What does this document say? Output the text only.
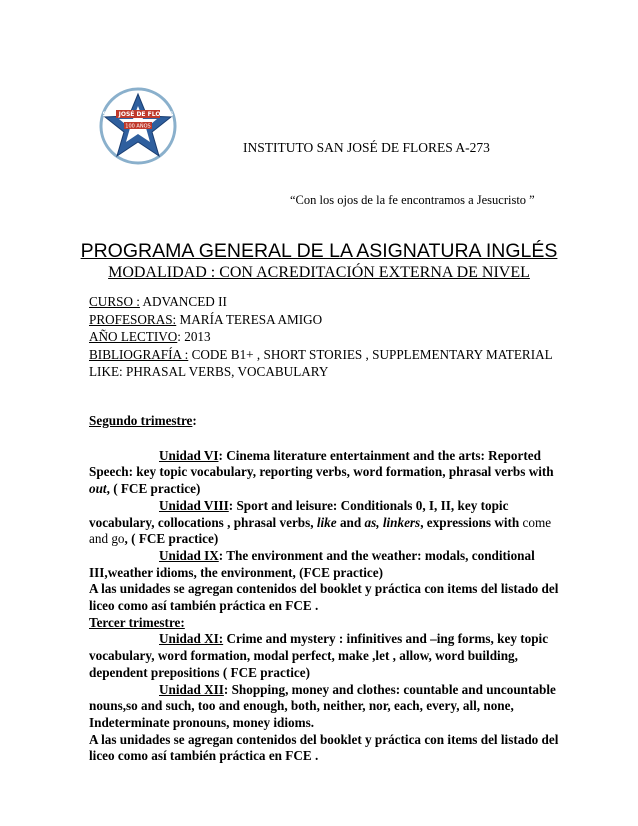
SAN JOSÉ DE FLORES
100 AÑOS
INSTITUTO SAN JOSÉ DE FLORES A-273
“Con los ojos de la fe encontramos a Jesucristo ”
PROGRAMA GENERAL DE LA ASIGNATURA INGLÉS
MODALIDAD : CON ACREDITACIÓN EXTERNA DE NIVEL
CURSO : ADVANCED II
PROFESORAS: MARÍA TERESA AMIGO
AÑO LECTIVO: 2013
BIBLIOGRAFÍA : CODE B1+ , SHORT STORIES , SUPPLEMENTARY MATERIAL LIKE: PHRASAL VERBS, VOCABULARY

Segundo trimestre:

Unidad VI: Cinema literature entertainment and the arts: Reported Speech: key topic vocabulary, reporting verbs, word formation, phrasal verbs with out, ( FCE practice)

Unidad VIII: Sport and leisure: Conditionals 0, I, II, key topic vocabulary, collocations , phrasal verbs, like and as, linkers, expressions with come and go, ( FCE practice)

Unidad IX: The environment and the weather: modals, conditional III,weather idioms, the environment, (FCE practice)

A las unidades se agregan contenidos del booklet y práctica con items del listado del liceo como así también práctica en FCE .

Tercer trimestre:

Unidad XI: Crime and mystery : infinitives and –ing forms, key topic vocabulary, word formation, modal perfect, make ,let , allow, word building, dependent prepositions ( FCE practice)

Unidad XII: Shopping, money and clothes: countable and uncountable nouns,so and such, too and enough, both, neither, nor, each, every, all, none, Indeterminate pronouns, money idioms.

A las unidades se agregan contenidos del booklet y práctica con items del listado del liceo como así también práctica en FCE .
